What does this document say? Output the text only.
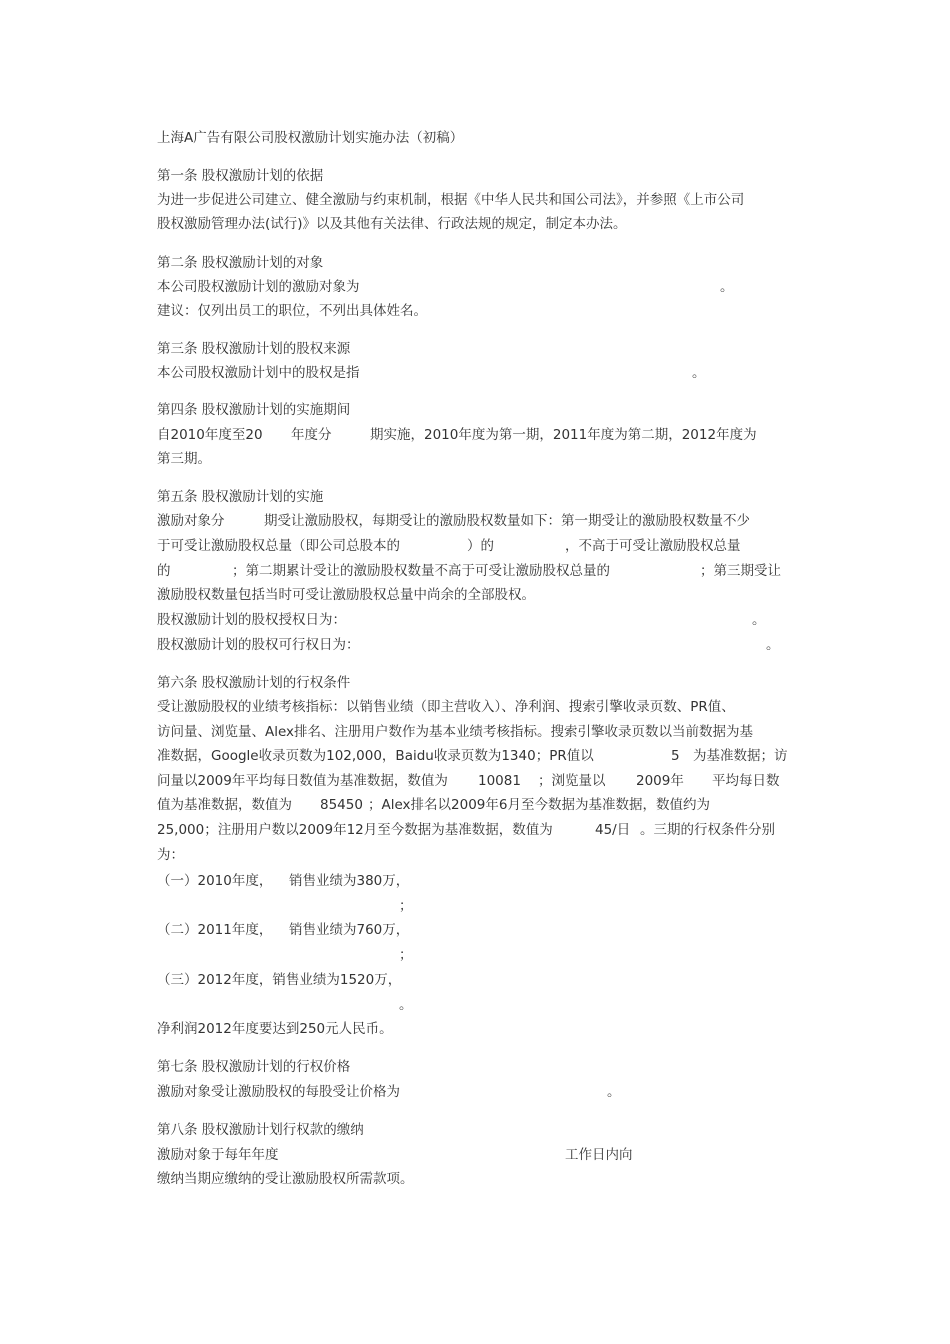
上海A广告有限公司股权激励计划实施办法（初稿）
第一条 股权激励计划的依据
为进一步促进公司建立、健全激励与约束机制，根据《中华人民共和国公司法》，并参照《上市公司
股权激励管理办法(试行)》以及其他有关法律、行政法规的规定，制定本办法。
第二条 股权激励计划的对象
本公司股权激励计划的激励对象为	。
建议：仅列出员工的职位，不列出具体姓名。
第三条 股权激励计划的股权来源
本公司股权激励计划中的股权是指	。
第四条 股权激励计划的实施期间
自2010年度至20 年度分	期实施，2010年度为第一期，2011年度为第二期，2012年度为
第三期。
第五条 股权激励计划的实施
激励对象分	期受让激励股权，每期受让的激励股权数量如下：第一期受让的激励股权数量不少
于可受让激励股权总量（即公司总股本的	）的	，不高于可受让激励股权总量
的	；第二期累计受让的激励股权数量不高于可受让激励股权总量的	；第三期受让
激励股权数量包括当时可受让激励股权总量中尚余的全部股权。
股权激励计划的股权授权日为：	。
股权激励计划的股权可行权日为：	。
第六条 股权激励计划的行权条件
受让激励股权的业绩考核指标：以销售业绩（即主营收入）、净利润、搜索引擎收录页数、PR值、
访问量、浏览量、Alex排名、注册用户数作为基本业绩考核指标。搜索引擎收录页数以当前数据为基
准数据，Google收录页数为102,000，Baidu收录页数为1340；PR值以	5 为基准数据；访
问量以2009年平均每日数值为基准数据，数值为 10081 ；浏览量以 2009年 平均每日数
值为基准数据，数值为 85450 ；Alex排名以2009年6月至今数据为基准数据，数值约为
25,000；注册用户数以2009年12月至今数据为基准数据，数值为	45/日 。三期的行权条件分别
为：
（一）2010年度， 销售业绩为380万，
；
（二）2011年度， 销售业绩为760万，
；
（三）2012年度，销售业绩为1520万，
。
净利润2012年度要达到250元人民币。
第七条 股权激励计划的行权价格
激励对象受让激励股权的每股受让价格为	。
第八条 股权激励计划行权款的缴纳
激励对象于每年年度	工作日内向
缴纳当期应缴纳的受让激励股权所需款项。
